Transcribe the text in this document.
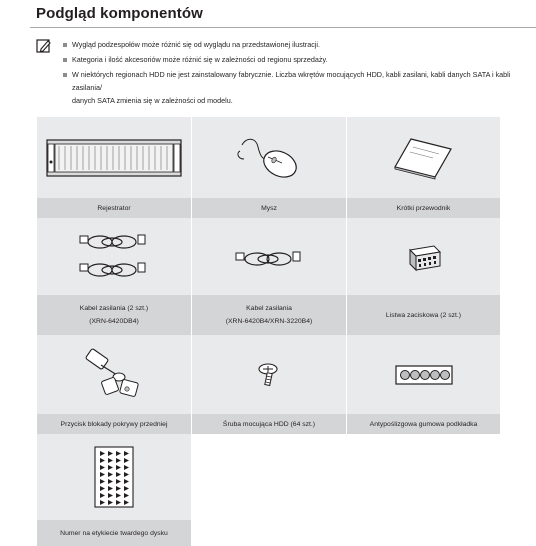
Podgląd komponentów
Wygląd podzespołów może różnić się od wyglądu na przedstawionej ilustracji.
Kategoria i ilość akcesoriów może różnić się w zależności od regionu sprzedaży.
W niektórych regionach HDD nie jest zainstalowany fabrycznie. Liczba wkrętów mocujących HDD, kabli zasilani, kabli danych SATA i kabli zasilania/
danych SATA zmienia się w zależności od modelu.
Rejestrator	Mysz	Krótki przewodnik
Kabel zasilania (2 szt.)
(XRN-6420DB4)
Kabel zasilania
(XRN-6420B4/XRN-3220B4)
Listwa zaciskowa (2 szt.)
Przycisk blokady pokrywy przedniej	Śruba mocująca HDD (64 szt.)	Antypoślizgowa gumowa podkładka
Numer na etykiecie twardego dysku
